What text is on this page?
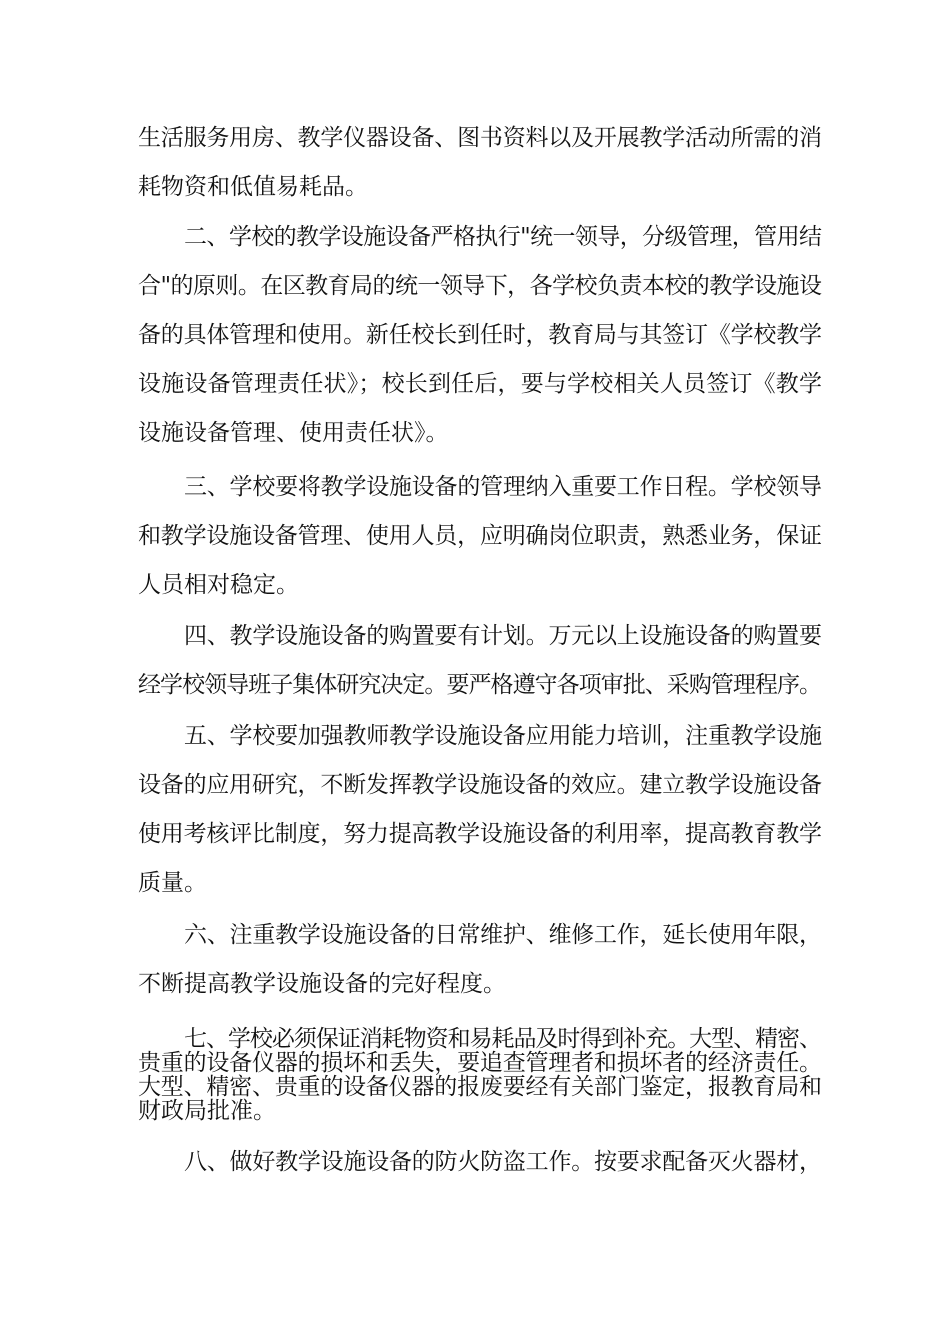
生活服务用房、教学仪器设备、图书资料以及开展教学活动所需的消
耗物资和低值易耗品。
二、学校的教学设施设备严格执行"统一领导，分级管理，管用结
合"的原则。在区教育局的统一领导下，各学校负责本校的教学设施设
备的具体管理和使用。新任校长到任时，教育局与其签订《学校教学
设施设备管理责任状》；校长到任后，要与学校相关人员签订《教学
设施设备管理、使用责任状》。
三、学校要将教学设施设备的管理纳入重要工作日程。学校领导
和教学设施设备管理、使用人员，应明确岗位职责，熟悉业务，保证
人员相对稳定。
四、教学设施设备的购置要有计划。万元以上设施设备的购置要
经学校领导班子集体研究决定。要严格遵守各项审批、采购管理程序。
五、学校要加强教师教学设施设备应用能力培训，注重教学设施
设备的应用研究，不断发挥教学设施设备的效应。建立教学设施设备
使用考核评比制度，努力提高教学设施设备的利用率，提高教育教学
质量。
六、注重教学设施设备的日常维护、维修工作，延长使用年限，
不断提高教学设施设备的完好程度。
七、学校必须保证消耗物资和易耗品及时得到补充。大型、精密、
贵重的设备仪器的损坏和丢失，要追查管理者和损坏者的经济责任。
大型、精密、贵重的设备仪器的报废要经有关部门鉴定，报教育局和
财政局批准。
八、做好教学设施设备的防火防盗工作。按要求配备灭火器材，
